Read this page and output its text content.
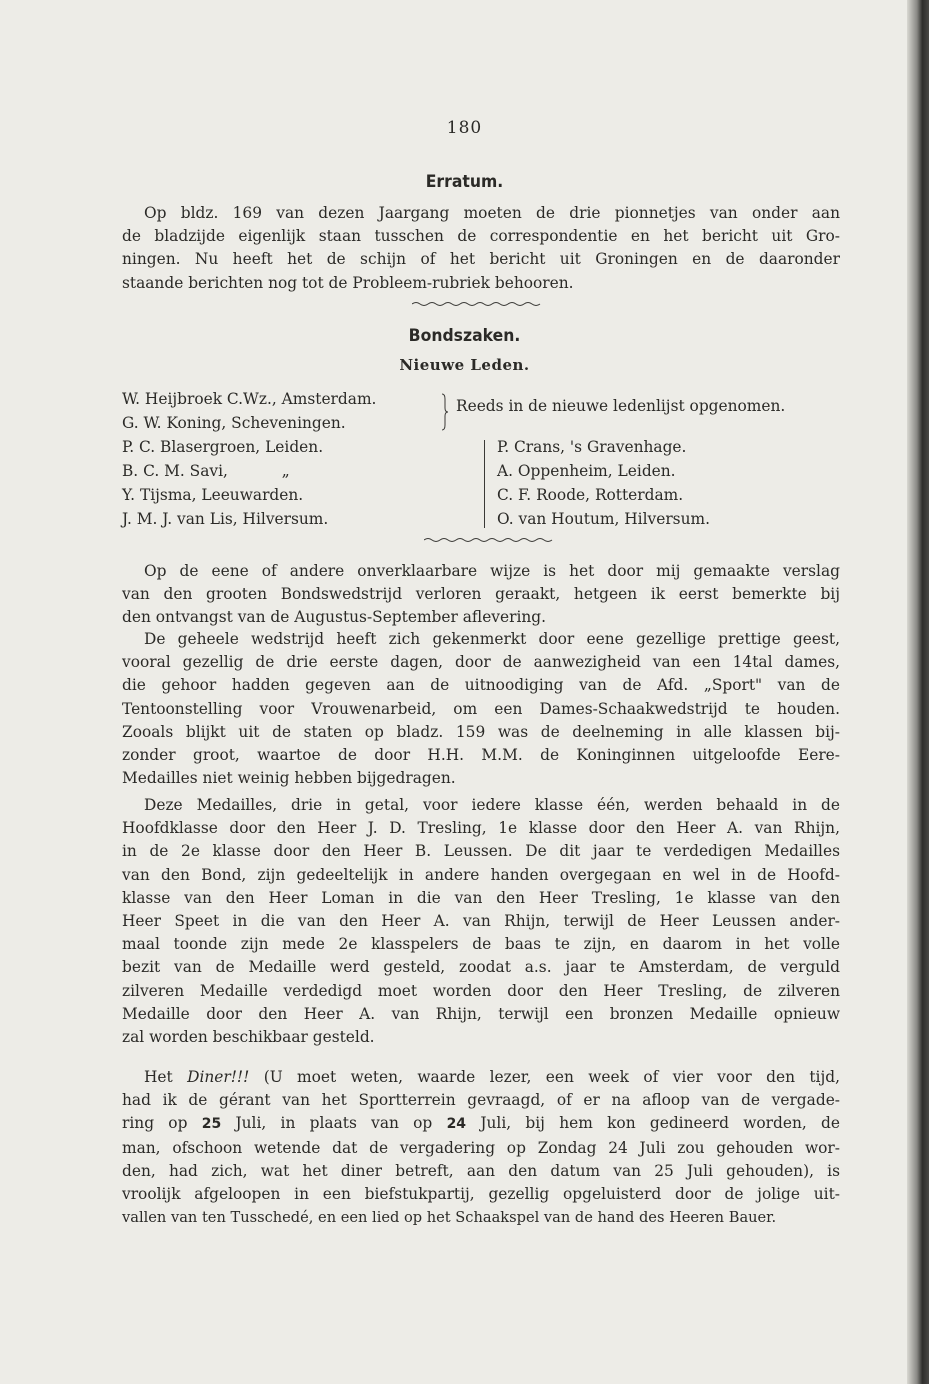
180
Erratum.
Op bldz. 169 van dezen Jaargang moeten de drie pionnetjes van onder aan
de bladzijde eigenlijk staan tusschen de correspondentie en het bericht uit Gro-
ningen. Nu heeft het de schijn of het bericht uit Groningen en de daaronder
staande berichten nog tot de Probleem-rubriek behooren.
Bondszaken.
Nieuwe Leden.
W. Heijbroek C.Wz., Amsterdam.
G. W. Koning, Scheveningen.
Reeds in de nieuwe ledenlijst opgenomen.
P. C. Blasergroen, Leiden.
B. C. M. Savi,           „
Y. Tijsma, Leeuwarden.
J. M. J. van Lis, Hilversum.
P. Crans, 's Gravenhage.
A. Oppenheim, Leiden.
C. F. Roode, Rotterdam.
O. van Houtum, Hilversum.
Op de eene of andere onverklaarbare wijze is het door mij gemaakte verslag
van den grooten Bondswedstrijd verloren geraakt, hetgeen ik eerst bemerkte bij
den ontvangst van de Augustus-September aflevering.
De geheele wedstrijd heeft zich gekenmerkt door eene gezellige prettige geest,
vooral gezellig de drie eerste dagen, door de aanwezigheid van een 14tal dames,
die gehoor hadden gegeven aan de uitnoodiging van de Afd. „Sport" van de
Tentoonstelling voor Vrouwenarbeid, om een Dames-Schaakwedstrijd te houden.
Zooals blijkt uit de staten op bladz. 159 was de deelneming in alle klassen bij-
zonder groot, waartoe de door H.H. M.M. de Koninginnen uitgeloofde Eere-
Medailles niet weinig hebben bijgedragen.
Deze Medailles, drie in getal, voor iedere klasse één, werden behaald in de
Hoofdklasse door den Heer J. D. Tresling, 1e klasse door den Heer A. van Rhijn,
in de 2e klasse door den Heer B. Leussen. De dit jaar te verdedigen Medailles
van den Bond, zijn gedeeltelijk in andere handen overgegaan en wel in de Hoofd-
klasse van den Heer Loman in die van den Heer Tresling, 1e klasse van den
Heer Speet in die van den Heer A. van Rhijn, terwijl de Heer Leussen ander-
maal toonde zijn mede 2e klasspelers de baas te zijn, en daarom in het volle
bezit van de Medaille werd gesteld, zoodat a.s. jaar te Amsterdam, de verguld
zilveren Medaille verdedigd moet worden door den Heer Tresling, de zilveren
Medaille door den Heer A. van Rhijn, terwijl een bronzen Medaille opnieuw
zal worden beschikbaar gesteld.
Het Diner!!! (U moet weten, waarde lezer, een week of vier voor den tijd,
had ik de gérant van het Sportterrein gevraagd, of er na afloop van de vergade-
ring op 25 Juli, in plaats van op 24 Juli, bij hem kon gedineerd worden, de
man, ofschoon wetende dat de vergadering op Zondag 24 Juli zou gehouden wor-
den, had zich, wat het diner betreft, aan den datum van 25 Juli gehouden), is
vroolijk afgeloopen in een biefstukpartij, gezellig opgeluisterd door de jolige uit-
vallen van ten Tusschedé, en een lied op het Schaakspel van de hand des Heeren Bauer.
